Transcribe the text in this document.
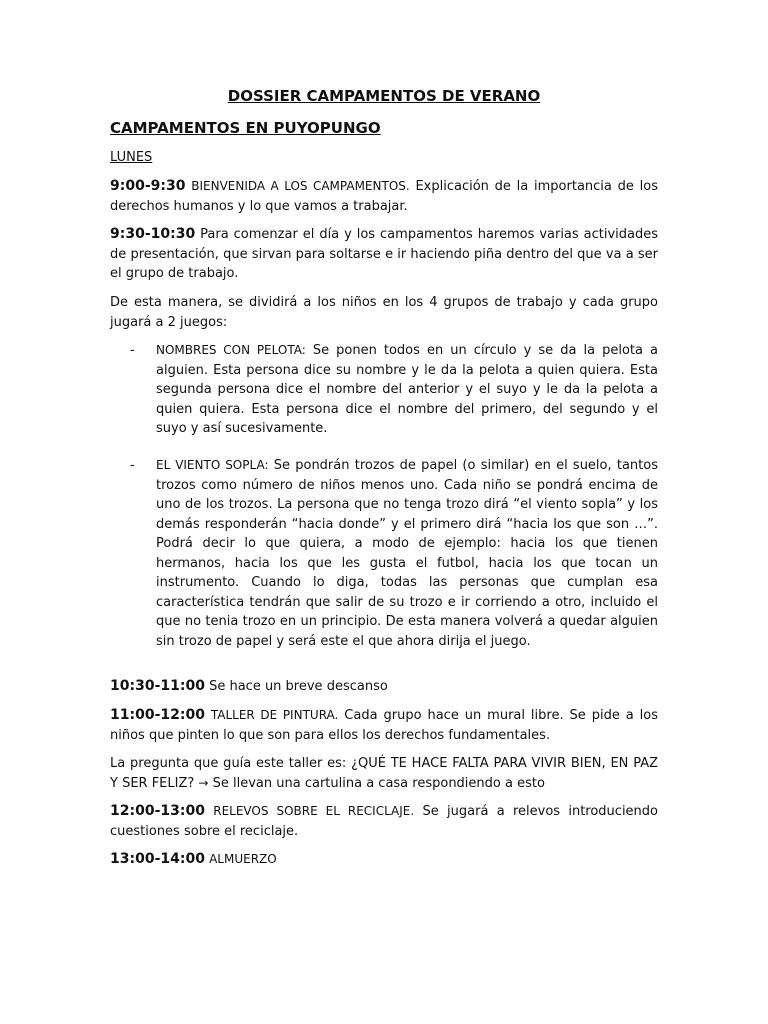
DOSSIER CAMPAMENTOS DE VERANO
CAMPAMENTOS EN PUYOPUNGO
LUNES
9:00-9:30 BIENVENIDA A LOS CAMPAMENTOS. Explicación de la importancia de los derechos humanos y lo que vamos a trabajar.
9:30-10:30 Para comenzar el día y los campamentos haremos varias actividades de presentación, que sirvan para soltarse e ir haciendo piña dentro del que va a ser el grupo de trabajo.
De esta manera, se dividirá a los niños en los 4 grupos de trabajo y cada grupo jugará a 2 juegos:
-	NOMBRES CON PELOTA: Se ponen todos en un círculo y se da la pelota a alguien. Esta persona dice su nombre y le da la pelota a quien quiera. Esta segunda persona dice el nombre del anterior y el suyo y le da la pelota a quien quiera. Esta persona dice el nombre del primero, del segundo y el suyo y así sucesivamente.
-	EL VIENTO SOPLA: Se pondrán trozos de papel (o similar) en el suelo, tantos trozos como número de niños menos uno. Cada niño se pondrá encima de uno de los trozos. La persona que no tenga trozo dirá “el viento sopla” y los demás responderán “hacia donde” y el primero dirá “hacia los que son …”. Podrá decir lo que quiera, a modo de ejemplo: hacia los que tienen hermanos, hacia los que les gusta el futbol, hacia los que tocan un instrumento. Cuando lo diga, todas las personas que cumplan esa característica tendrán que salir de su trozo e ir corriendo a otro, incluido el que no tenia trozo en un principio. De esta manera volverá a quedar alguien sin trozo de papel y será este el que ahora dirija el juego.
10:30-11:00 Se hace un breve descanso
11:00-12:00 TALLER DE PINTURA. Cada grupo hace un mural libre. Se pide a los niños que pinten lo que son para ellos los derechos fundamentales.
La pregunta que guía este taller es: ¿QUÉ TE HACE FALTA PARA VIVIR BIEN, EN PAZ Y SER FELIZ? → Se llevan una cartulina a casa respondiendo a esto
12:00-13:00 RELEVOS SOBRE EL RECICLAJE. Se jugará a relevos introduciendo cuestiones sobre el reciclaje.
13:00-14:00 ALMUERZO
